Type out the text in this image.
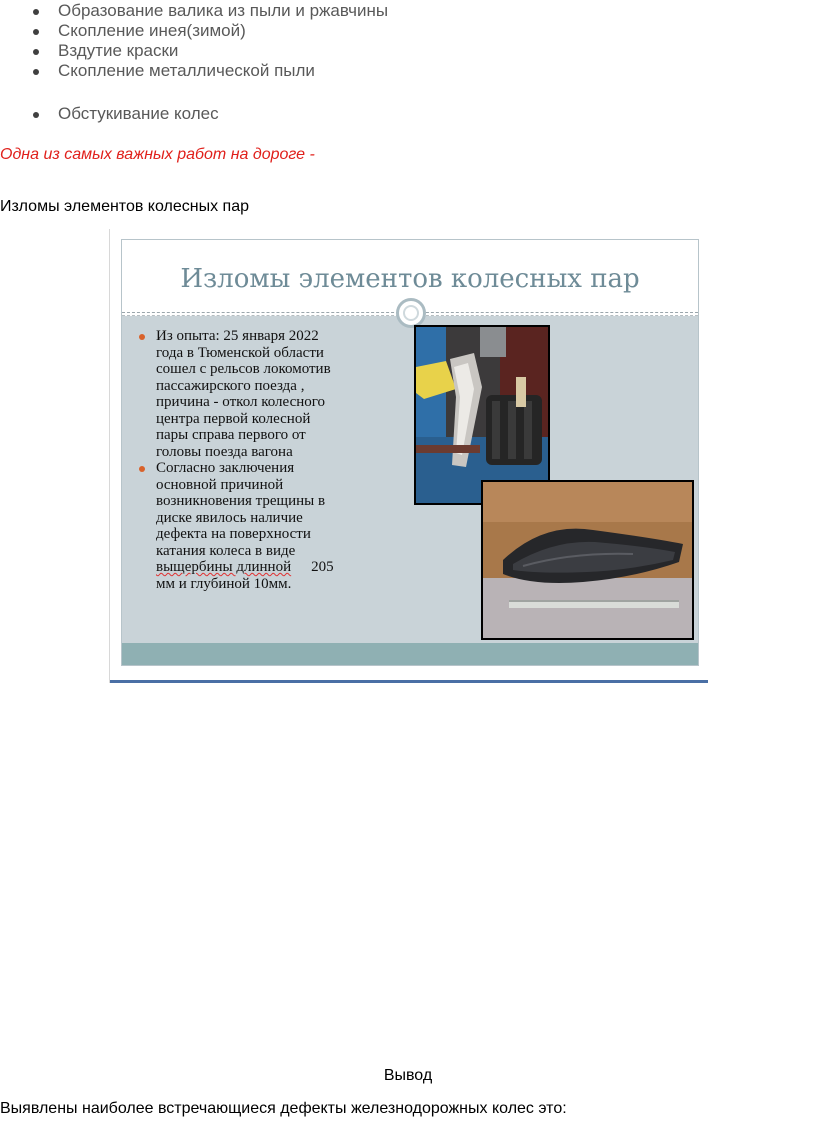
Образование валика из пыли и ржавчины
Скопление инея(зимой)
Вздутие краски
Скопление металлической пыли
Обстукивание колес
Одна из самых важных работ на дороге -
Изломы элементов колесных пар
Изломы элементов колесных пар
Из опыта: 25 января 2022
года в Тюменской области
сошел с рельсов локомотив
пассажирского поезда ,
причина - откол колесного
центра первой колесной
пары справа первого от
головы поезда вагона
Согласно заключения
основной причиной
возникновения трещины в
диске явилось наличие
дефекта на поверхности
катания колеса в виде
выщербины длинной 205
мм и глубиной 10мм.
Вывод
Выявлены наиболее встречающиеся дефекты железнодорожных колес это:
